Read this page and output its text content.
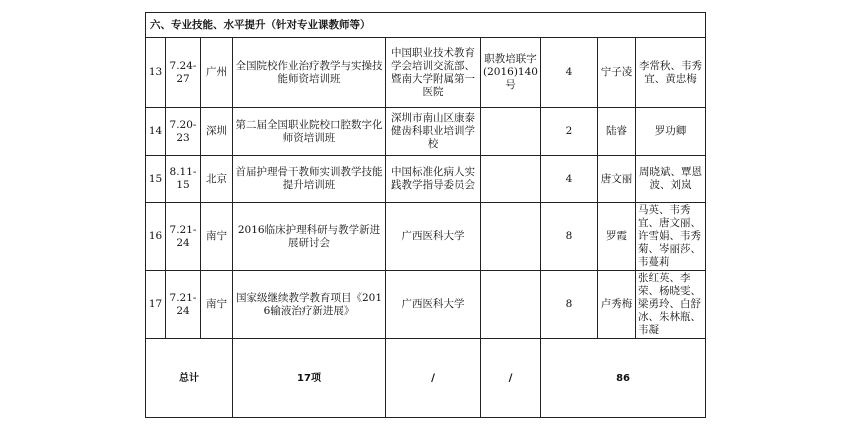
六、专业技能、水平提升（针对专业课教师等）								
13	7.24-27	广州	全国院校作业治疗教学与实操技能师资培训班	中国职业技术教育学会培训交流部、暨南大学附属第一医院	职教培联字(2016)140号	4	宁子凌	李常秋、韦秀宜、黄忠梅
14	7.20-23	深圳	第二届全国职业院校口腔数字化师资培训班	深圳市南山区康泰健齿科职业培训学校		2	陆睿	罗功卿
15	8.11-15	北京	首届护理骨干教师实训教学技能提升培训班	中国标准化病人实践教学指导委员会		4	唐文丽	周晓斌、覃恩波、刘岚
16	7.21-24	南宁	2016临床护理科研与教学新进展研讨会	广西医科大学		8	罗霞	马英、韦秀宜、唐文丽、许雪娟、韦秀菊、岑丽莎、韦蔓莉
17	7.21-24	南宁	国家级继续教学教育项目《2016输液治疗新进展》	广西医科大学		8	卢秀梅	张红英、李荣、杨晓雯、梁勇玲、白舒冰、朱林瓶、韦凝
总计			17项	/	/	86		
